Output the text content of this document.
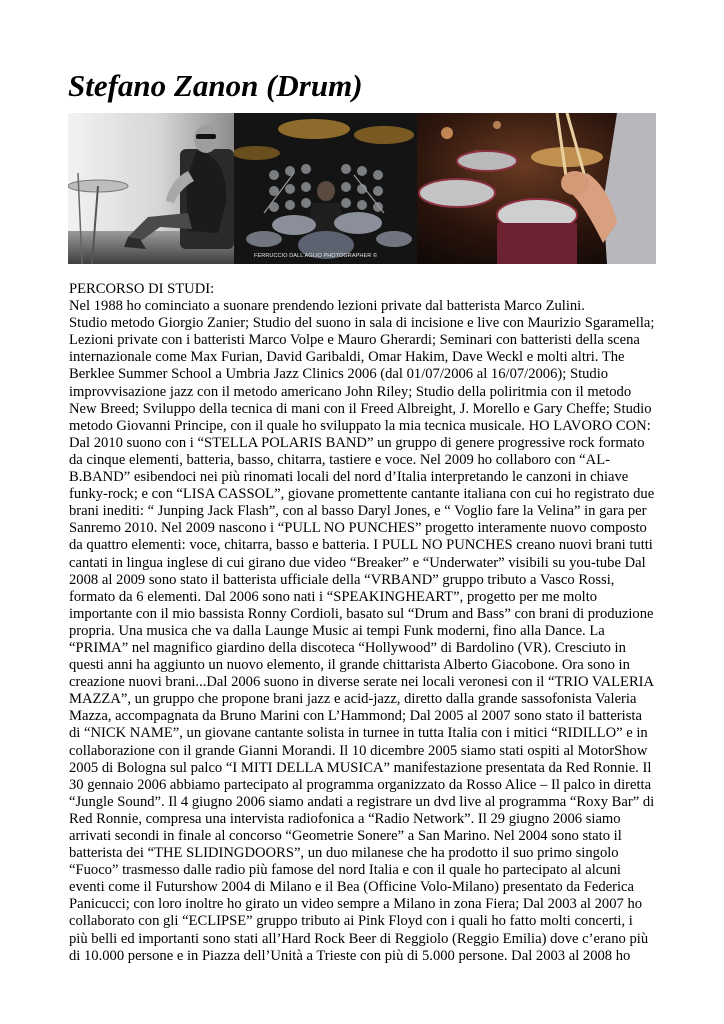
Stefano Zanon (Drum)
FERRUCCIO DALL'AGLIO PHOTOGRAPHER ©

PERCORSO DI STUDI:

Nel 1988 ho cominciato a suonare prendendo lezioni private dal batterista Marco Zulini.

Studio metodo Giorgio Zanier; Studio del suono in sala di incisione e live con Maurizio Sgaramella;

Lezioni private con i batteristi Marco Volpe e Mauro Gherardi; Seminari con batteristi della scena

internazionale come Max Furian, David Garibaldi, Omar Hakim, Dave Weckl e molti altri. The

Berklee Summer School a Umbria Jazz Clinics 2006 (dal 01/07/2006 al 16/07/2006); Studio

improvvisazione jazz con il metodo americano John Riley; Studio della poliritmia con il metodo

New Breed; Sviluppo della tecnica di mani con il Freed Albreight, J. Morello e Gary Cheffe; Studio

metodo Giovanni Principe, con il quale ho sviluppato la mia tecnica musicale. HO LAVORO CON:

Dal 2010 suono con i “STELLA POLARIS BAND” un gruppo di genere progressive rock formato

da cinque elementi, batteria, basso, chitarra, tastiere e voce. Nel 2009 ho collaboro con “AL-

B.BAND” esibendoci nei più rinomati locali del nord d’Italia interpretando le canzoni in chiave

funky-rock; e con “LISA CASSOL”, giovane promettente cantante italiana con cui ho registrato due

brani inediti: “ Junping Jack Flash”, con al basso Daryl Jones, e “ Voglio fare la Velina” in gara per

Sanremo 2010. Nel 2009 nascono i “PULL NO PUNCHES” progetto interamente nuovo composto

da quattro elementi: voce, chitarra, basso e batteria. I PULL NO PUNCHES creano nuovi brani tutti

cantati in lingua inglese di cui girano due video “Breaker” e “Underwater” visibili su you-tube Dal

2008 al 2009 sono stato il batterista ufficiale della “VRBAND” gruppo tributo a Vasco Rossi,

formato da 6 elementi. Dal 2006 sono nati i “SPEAKINGHEART”, progetto per me molto

importante con il mio bassista Ronny Cordioli, basato sul “Drum and Bass” con brani di produzione

propria. Una musica che va dalla Launge Music ai tempi Funk moderni, fino alla Dance. La

“PRIMA” nel magnifico giardino della discoteca “Hollywood” di Bardolino (VR). Cresciuto in

questi anni ha aggiunto un nuovo elemento, il grande chittarista Alberto Giacobone. Ora sono in

creazione nuovi brani...Dal 2006 suono in diverse serate nei locali veronesi con il “TRIO VALERIA

MAZZA”, un gruppo che propone brani jazz e acid-jazz, diretto dalla grande sassofonista Valeria

Mazza, accompagnata da Bruno Marini con L’Hammond; Dal 2005 al 2007 sono stato il batterista

di “NICK NAME”, un giovane cantante solista in turnee in tutta Italia con i mitici “RIDILLO” e in

collaborazione con il grande Gianni Morandi. Il 10 dicembre 2005 siamo stati ospiti al MotorShow

2005 di Bologna sul palco “I MITI DELLA MUSICA” manifestazione presentata da Red Ronnie. Il

30 gennaio 2006 abbiamo partecipato al programma organizzato da Rosso Alice – Il palco in diretta

“Jungle Sound”. Il 4 giugno 2006 siamo andati a registrare un dvd live al programma “Roxy Bar” di

Red Ronnie, compresa una intervista radiofonica a “Radio Network”. Il 29 giugno 2006 siamo

arrivati secondi in finale al concorso “Geometrie Sonere” a San Marino. Nel 2004 sono stato il

batterista dei “THE SLIDINGDOORS”, un duo milanese che ha prodotto il suo primo singolo

“Fuoco” trasmesso dalle radio più famose del nord Italia e con il quale ho partecipato al alcuni

eventi come il Futurshow 2004 di Milano e il Bea (Officine Volo-Milano) presentato da Federica

Panicucci; con loro inoltre ho girato un video sempre a Milano in zona Fiera; Dal 2003 al 2007 ho

collaborato con gli “ECLIPSE” gruppo tributo ai Pink Floyd con i quali ho fatto molti concerti, i

più belli ed importanti sono stati all’Hard Rock Beer di Reggiolo (Reggio Emilia) dove c’erano più

di 10.000 persone e in Piazza dell’Unità a Trieste con più di 5.000 persone. Dal 2003 al 2008 ho
